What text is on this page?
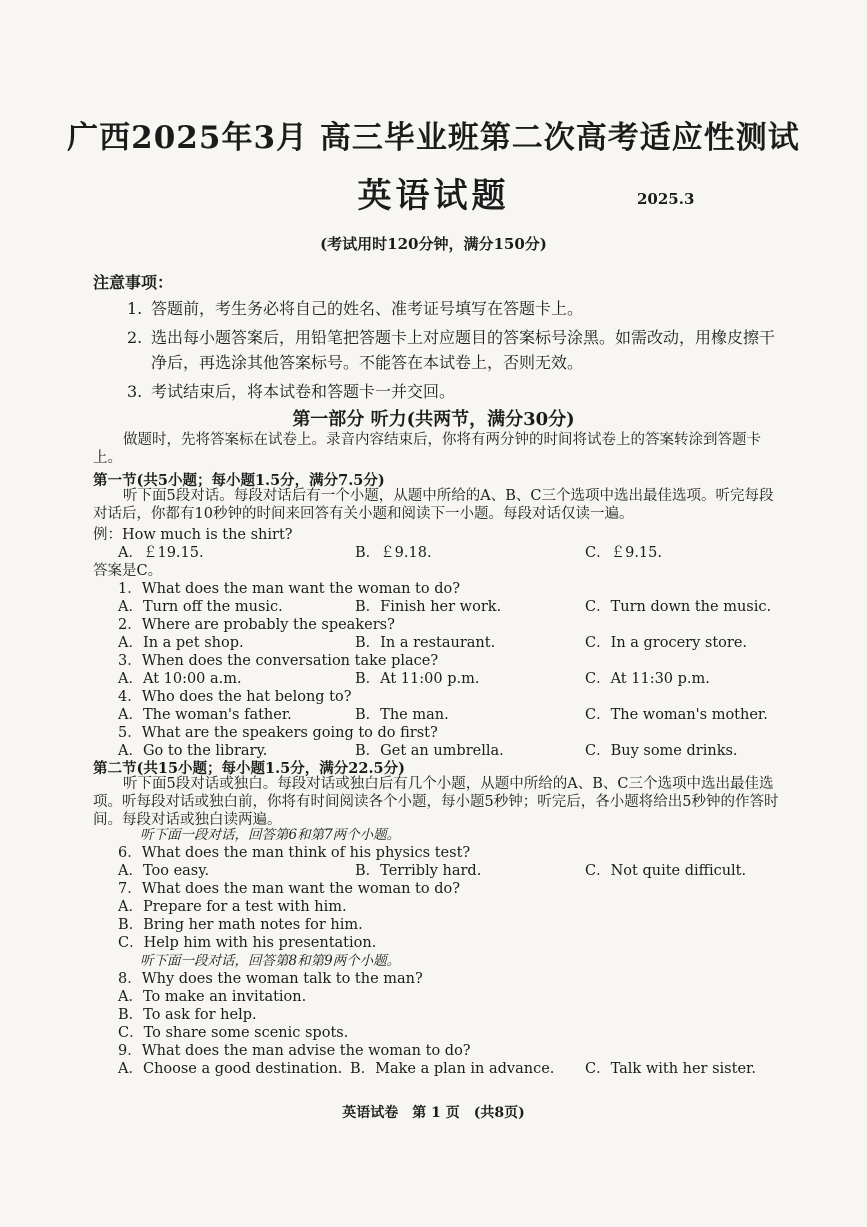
广西2025年3月 高三毕业班第二次高考适应性测试
英语试题	2025.3
(考试用时120分钟，满分150分)
注意事项：
1. 答题前，考生务必将自己的姓名、准考证号填写在答题卡上。
2. 选出每小题答案后，用铅笔把答题卡上对应题目的答案标号涂黑。如需改动，用橡皮擦干净后，再选涂其他答案标号。不能答在本试卷上，否则无效。
3. 考试结束后，将本试卷和答题卡一并交回。
第一部分 听力(共两节，满分30分)
做题时，先将答案标在试卷上。录音内容结束后，你将有两分钟的时间将试卷上的答案转涂到答题卡上。
第一节(共5小题；每小题1.5分，满分7.5分)
听下面5段对话。每段对话后有一个小题，从题中所给的A、B、C三个选项中选出最佳选项。听完每段对话后，你都有10秒钟的时间来回答有关小题和阅读下一小题。每段对话仅读一遍。
例：How much is the shirt?
A．￡19.15.	B．￡9.18.	C．￡9.15.
答案是C。
1．What does the man want the woman to do?
A．Turn off the music.	B．Finish her work.	C．Turn down the music.
2．Where are probably the speakers?
A．In a pet shop.	B．In a restaurant.	C．In a grocery store.
3．When does the conversation take place?
A．At 10:00 a.m.	B．At 11:00 p.m.	C．At 11:30 p.m.
4．Who does the hat belong to?
A．The woman's father.	B．The man.	C．The woman's mother.
5．What are the speakers going to do first?
A．Go to the library.	B．Get an umbrella.	C．Buy some drinks.
第二节(共15小题；每小题1.5分，满分22.5分)
听下面5段对话或独白。每段对话或独白后有几个小题，从题中所给的A、B、C三个选项中选出最佳选项。听每段对话或独白前，你将有时间阅读各个小题，每小题5秒钟；听完后，各小题将给出5秒钟的作答时间。每段对话或独白读两遍。
听下面一段对话，回答第6和第7两个小题。
6．What does the man think of his physics test?
A．Too easy.	B．Terribly hard.	C．Not quite difficult.
7．What does the man want the woman to do?
A．Prepare for a test with him.
B．Bring her math notes for him.
C．Help him with his presentation.
听下面一段对话，回答第8和第9两个小题。
8．Why does the woman talk to the man?
A．To make an invitation.
B．To ask for help.
C．To share some scenic spots.
9．What does the man advise the woman to do?
A．Choose a good destination. B．Make a plan in advance. C．Talk with her sister.
英语试卷　第 1 页　(共8页)
